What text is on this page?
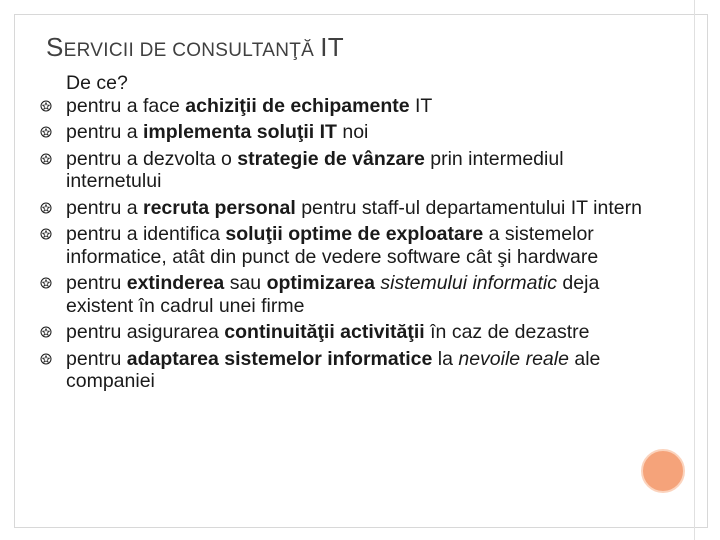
SERVICII DE CONSULTANŢĂ IT
De ce?
pentru a face achiziţii de echipamente IT
pentru a implementa soluţii IT noi
pentru a dezvolta o strategie de vânzare prin intermediul internetului
pentru a recruta personal pentru staff-ul departamentului IT intern
pentru a identifica soluţii optime de exploatare a sistemelor informatice, atât din punct de vedere software cât şi hardware
pentru extinderea sau optimizarea sistemului informatic deja existent în cadrul unei firme
pentru asigurarea continuităţii activităţii în caz de dezastre
pentru adaptarea sistemelor informatice la nevoile reale ale companiei
